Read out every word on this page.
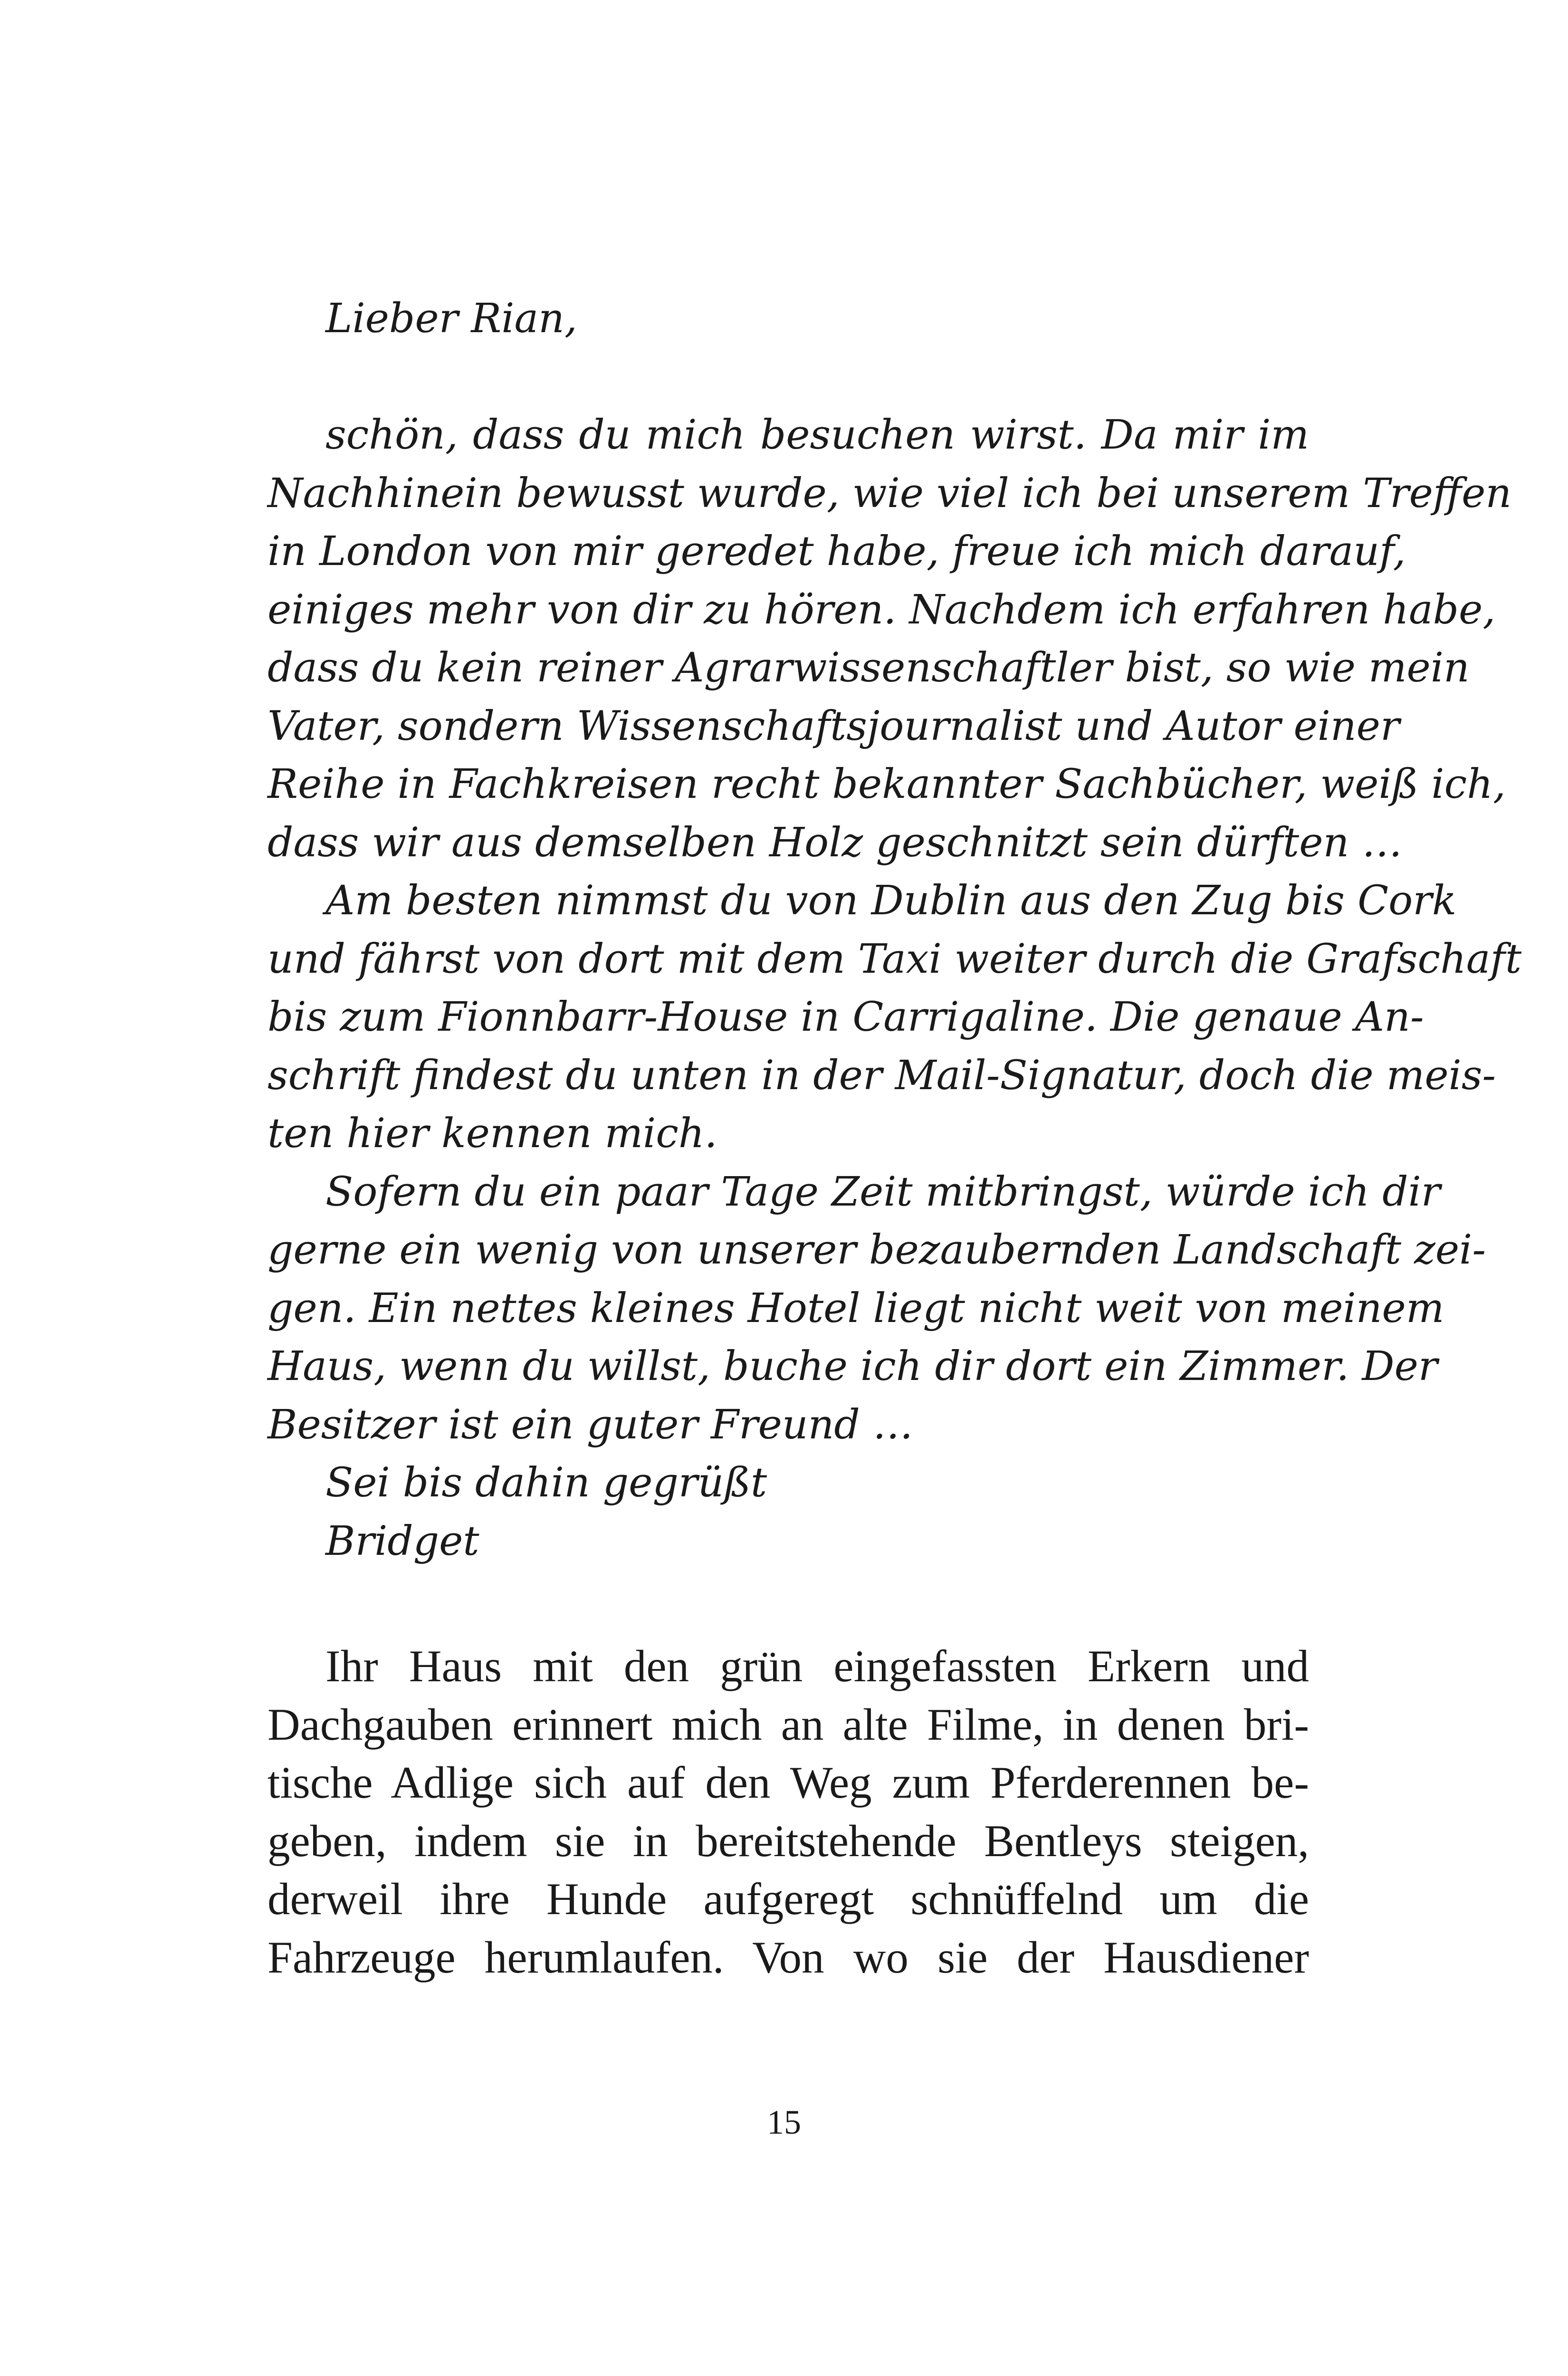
Lieber Rian,
schön, dass du mich besuchen wirst. Da mir im
Nachhinein bewusst wurde, wie viel ich bei unserem Treffen
in London von mir geredet habe, freue ich mich darauf,
einiges mehr von dir zu hören. Nachdem ich erfahren habe,
dass du kein reiner Agrarwissenschaftler bist, so wie mein
Vater, sondern Wissenschaftsjournalist und Autor einer
Reihe in Fachkreisen recht bekannter Sachbücher, weiß ich,
dass wir aus demselben Holz geschnitzt sein dürften …
Am besten nimmst du von Dublin aus den Zug bis Cork
und fährst von dort mit dem Taxi weiter durch die Grafschaft
bis zum Fionnbarr-House in Carrigaline. Die genaue An-
schrift findest du unten in der Mail-Signatur, doch die meis-
ten hier kennen mich.
Sofern du ein paar Tage Zeit mitbringst, würde ich dir
gerne ein wenig von unserer bezaubernden Landschaft zei-
gen. Ein nettes kleines Hotel liegt nicht weit von meinem
Haus, wenn du willst, buche ich dir dort ein Zimmer. Der
Besitzer ist ein guter Freund …
Sei bis dahin gegrüßt
Bridget
Ihr Haus mit den grün eingefassten Erkern und
Dachgauben erinnert mich an alte Filme, in denen bri-
tische Adlige sich auf den Weg zum Pferderennen be-
geben, indem sie in bereitstehende Bentleys steigen,
derweil ihre Hunde aufgeregt schnüffelnd um die
Fahrzeuge herumlaufen. Von wo sie der Hausdiener
15
